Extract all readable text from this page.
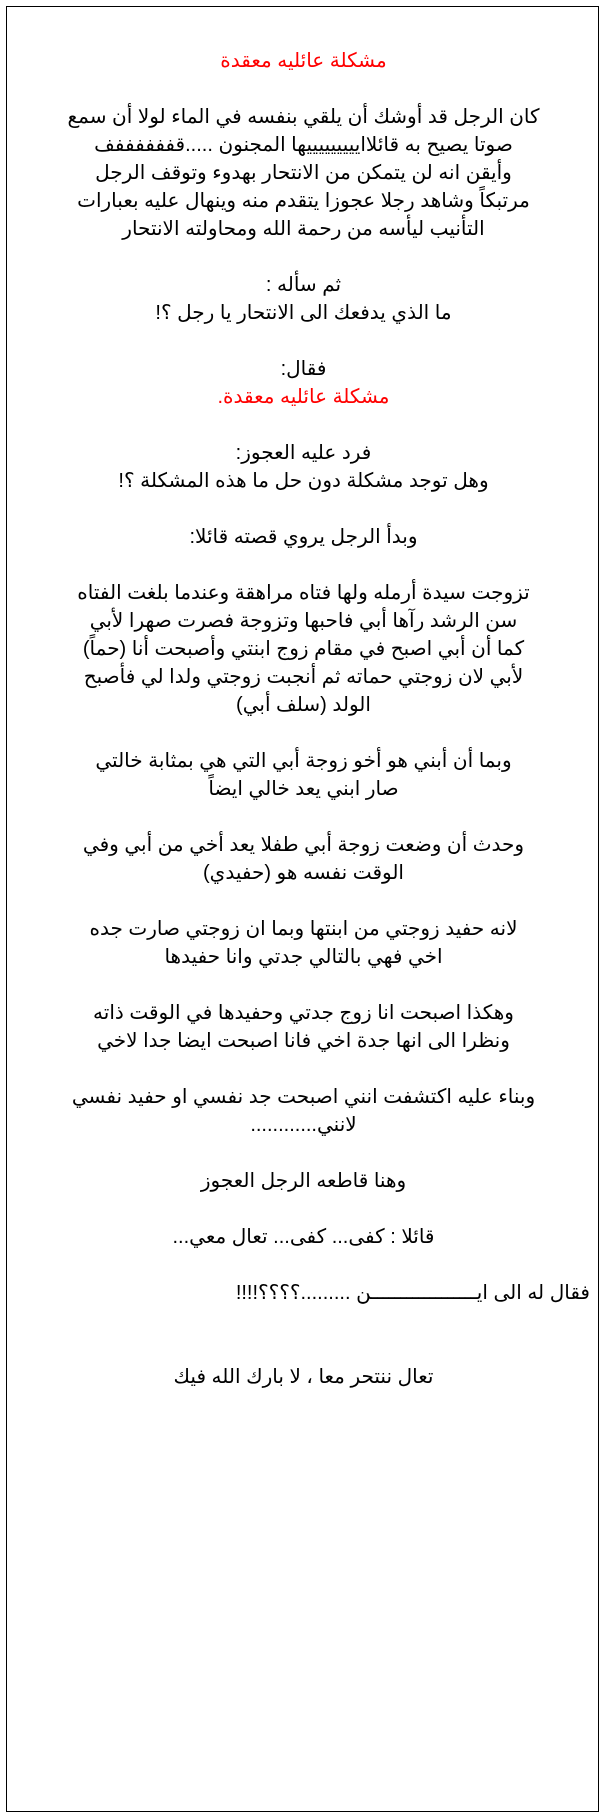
مشكلة عائليه معقدة

كان الرجل قد أوشك أن يلقي بنفسه في الماء لولا أن سمع

صوتا يصيح به قائلاايييييييييها المجنون .....قففففففف

وأيقن انه لن يتمكن من الانتحار بهدوء وتوقف الرجل

مرتبكاً وشاهد رجلا عجوزا يتقدم منه وينهال عليه بعبارات

التأنيب ليأسه من رحمة الله ومحاولته الانتحار

ثم سأله :

ما الذي يدفعك الى الانتحار يا رجل ؟!

فقال:

مشكلة عائليه معقدة.

فرد عليه العجوز:

وهل توجد مشكلة دون حل ما هذه المشكلة ؟!

وبدأ الرجل يروي قصته قائلا:

تزوجت سيدة أرمله ولها فتاه مراهقة وعندما بلغت الفتاه

سن الرشد رآها أبي فاحبها وتزوجة فصرت صهرا لأبي

كما أن أبي اصبح في مقام زوج ابنتي وأصبحت أنا (حماً)

لأبي لان زوجتي حماته ثم أنجبت زوجتي ولدا لي فأصبح

الولد (سلف أبي)

وبما أن أبني هو أخو زوجة أبي التي هي بمثابة خالتي

صار ابني يعد خالي ايضاً

وحدث أن وضعت زوجة أبي طفلا يعد أخي من أبي وفي

الوقت نفسه هو (حفيدي)

لانه حفيد زوجتي من ابنتها وبما ان زوجتي صارت جده

اخي فهي بالتالي جدتي وانا حفيدها

وهكذا اصبحت انا زوج جدتي وحفيدها في الوقت ذاته

ونظرا الى انها جدة اخي فانا اصبحت ايضا جدا لاخي

وبناء عليه اكتشفت انني اصبحت جد نفسي او حفيد نفسي

لانني............

وهنا قاطعه الرجل العجوز

قائلا : كفى... كفى... تعال معي...

فقال له الى ايــــــــــــــــــن .........؟؟؟؟!!!!

تعال ننتحر معا ، لا بارك الله فيك
